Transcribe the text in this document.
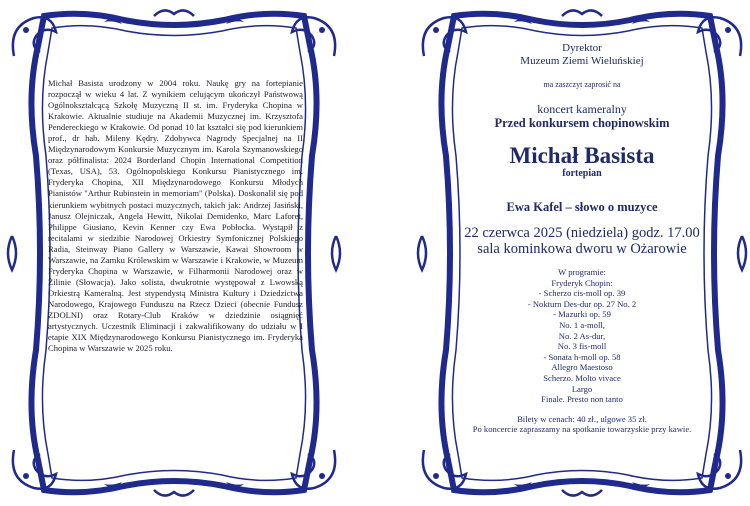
Michał Basista urodzony w 2004 roku. Naukę gry na fortepianie rozpoczął w wieku 4 lat. Z wynikiem celującym ukończył Państwową Ogólnokształcącą Szkołę Muzyczną II st. im. Fryderyka Chopina w Krakowie. Aktualnie studiuje na Akademii Muzycznej im. Krzysztofa Pendereckiego w Krakowie. Od ponad 10 lat kształci się pod kierunkiem prof., dr hab. Mileny Kędry. Zdobywca Nagrody Specjalnej na II Międzynarodowym Konkursie Muzycznym im. Karola Szymanowskiego oraz półfinalista: 2024 Borderland Chopin International Competition (Texas, USA), 53. Ogólnopolskiego Konkursu Pianistycznego im. Fryderyka Chopina, XII Międzynarodowego Konkursu Młodych Pianistów "Arthur Rubinstein in memoriam" (Polska). Doskonalił się pod kierunkiem wybitnych postaci muzycznych, takich jak: Andrzej Jasiński, Janusz Olejniczak, Angela Hewitt, Nikolai Demidenko, Marc Laforet, Philippe Giusiano, Kevin Kenner czy Ewa Pobłocka. Wystąpił z recitalami w siedzibie Narodowej Orkiestry Symfonicznej Polskiego Radia, Steinway Piano Gallery w Warszawie, Kawai Showroom w Warszawie, na Zamku Królewskim w Warszawie i Krakowie, w Muzeum Fryderyka Chopina w Warszawie, w Filharmonii Narodowej oraz w Żilinie (Słowacja). Jako solista, dwukrotnie występował z Lwowską Orkiestrą Kameralną. Jest stypendystą Ministra Kultury i Dziedzictwa Narodowego, Krajowego Funduszu na Rzecz Dzieci (obecnie Fundusz ZDOLNI) oraz Rotary-Club Kraków w dziedzinie osiągnięć artystycznych. Uczestnik Eliminacji i zakwalifikowany do udziału w I etapie XIX Międzynarodowego Konkursu Pianistycznego im. Fryderyka Chopina w Warszawie w 2025 roku.

Dyrektor
Muzeum Ziemi Wieluńskiej
ma zaszczyt zaprosić na
koncert kameralny
Przed konkursem chopinowskim
Michał Basista
fortepian
Ewa Kafel – słowo o muzyce
22 czerwca 2025 (niedziela) godz. 17.00
sala kominkowa dworu w Ożarowie
W programie:
Fryderyk Chopin:
- Scherzo cis-moll op. 39
- Nokturn Des-dur op. 27 No. 2
- Mazurki op. 59
No. 1 a-moll,
No. 2 As-dur,
No. 3 fis-moll
- Sonata h-moll op. 58
Allegro Maestoso
Scherzo. Molto vivace
Largo
Finale. Presto non tanto
Bilety w cenach: 40 zł., ulgowe 35 zł.
Po koncercie zapraszamy na spotkanie towarzyskie przy kawie.
